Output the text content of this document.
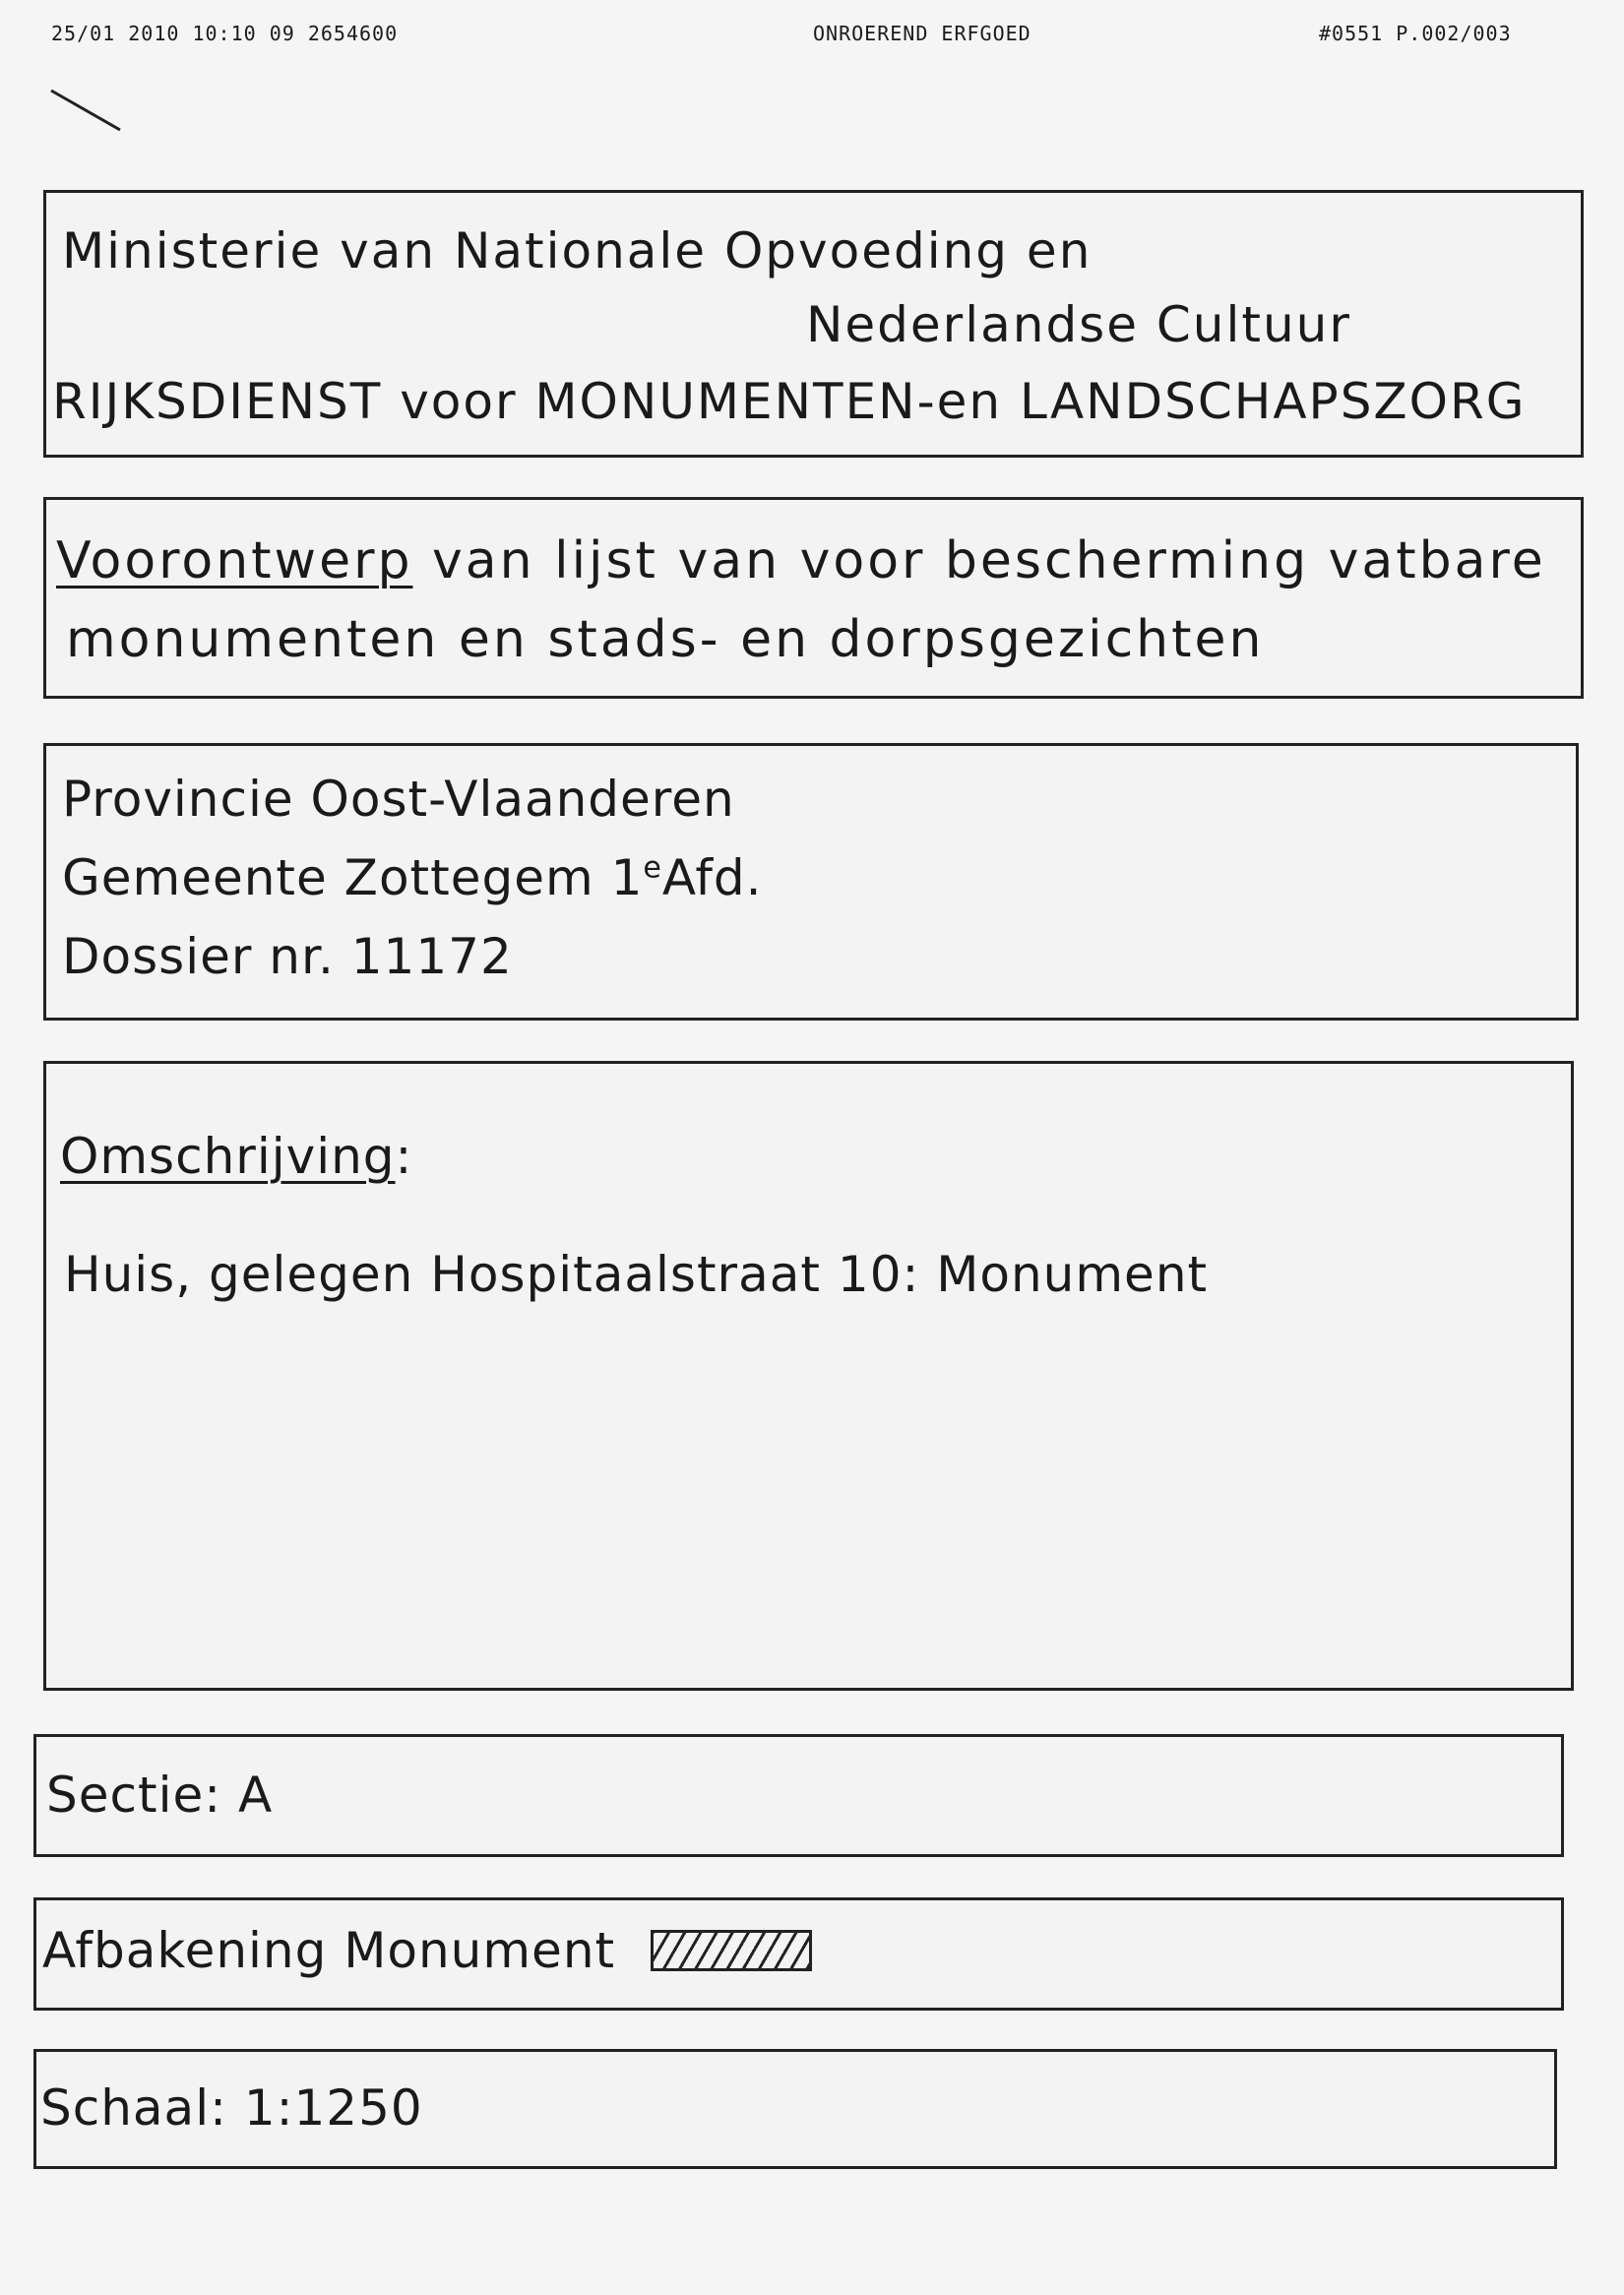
25/01 2010 10:10 09 2654600	ONROEREND ERFGOED	#0551 P.002/003
Ministerie van Nationale Opvoeding en
Nederlandse Cultuur
RIJKSDIENST voor MONUMENTEN-en LANDSCHAPSZORG
Voorontwerp van lijst van voor bescherming vatbare
monumenten en stads- en dorpsgezichten
Provincie Oost-Vlaanderen
Gemeente Zottegem 1eAfd.
Dossier nr. 11172
Omschrijving:
Huis, gelegen Hospitaalstraat 10: Monument
Sectie: A
Afbakening Monument
Schaal: 1:1250
